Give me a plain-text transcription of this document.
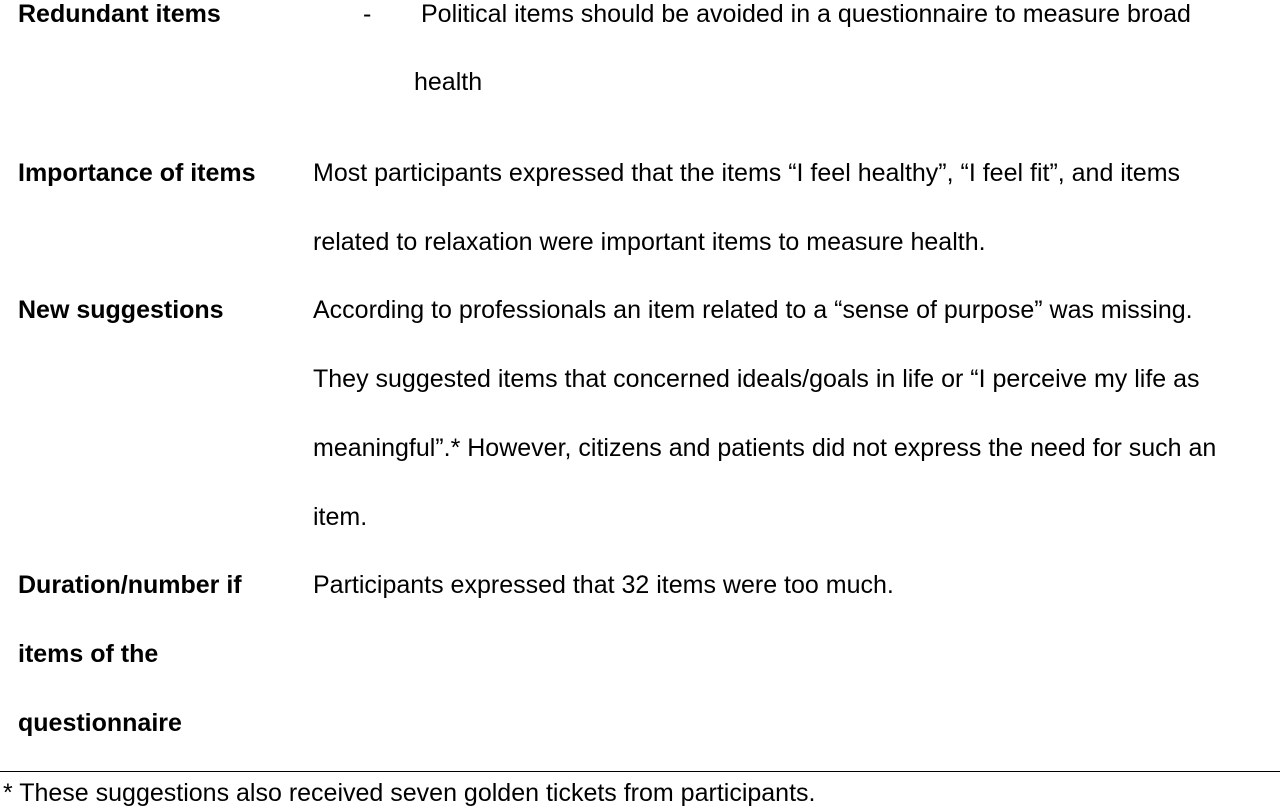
Redundant items	- Political items should be avoided in a questionnaire to measure broad
health
Importance of items Most participants expressed that the items “I feel healthy”, “I feel fit”, and items
related to relaxation were important items to measure health.
New suggestions	According to professionals an item related to a “sense of purpose” was missing.
They suggested items that concerned ideals/goals in life or “I perceive my life as
meaningful”.* However, citizens and patients did not express the need for such an
item.
Duration/number if
items of the
questionnaire
Participants expressed that 32 items were too much.
* These suggestions also received seven golden tickets from participants.
